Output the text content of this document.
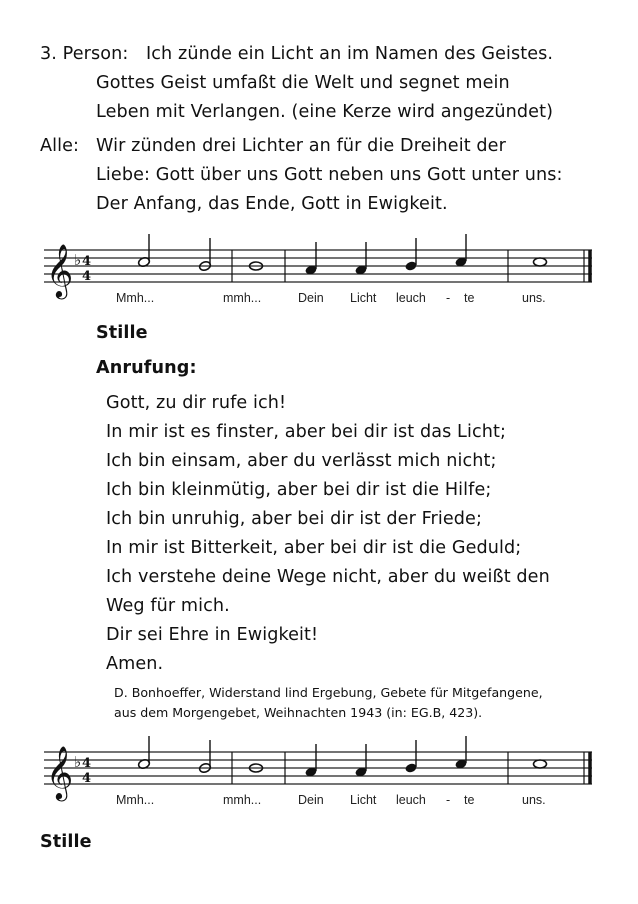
3. Person: Ich zünde ein Licht an im Namen des Geistes.
Gottes Geist umfaßt die Welt und segnet mein
Leben mit Verlangen. (eine Kerze wird angezündet)
Alle: Wir zünden drei Lichter an für die Dreiheit der
Liebe: Gott über uns Gott neben uns Gott unter uns:
Der Anfang, das Ende, Gott in Ewigkeit.
𝄞 ♭ 4
4
Mmh...	mmh...	Dein Licht leuch - te	uns.
Stille
Anrufung:
Gott, zu dir rufe ich!
In mir ist es finster, aber bei dir ist das Licht;
Ich bin einsam, aber du verlässt mich nicht;
Ich bin kleinmütig, aber bei dir ist die Hilfe;
Ich bin unruhig, aber bei dir ist der Friede;
In mir ist Bitterkeit, aber bei dir ist die Geduld;
Ich verstehe deine Wege nicht, aber du weißt den
Weg für mich.
Dir sei Ehre in Ewigkeit!
Amen.
D. Bonhoeffer, Widerstand lind Ergebung, Gebete für Mitgefangene,
aus dem Morgengebet, Weihnachten 1943 (in: EG.B, 423).
𝄞 ♭ 4
4
Mmh...	mmh...	Dein Licht leuch - te	uns.
Stille
